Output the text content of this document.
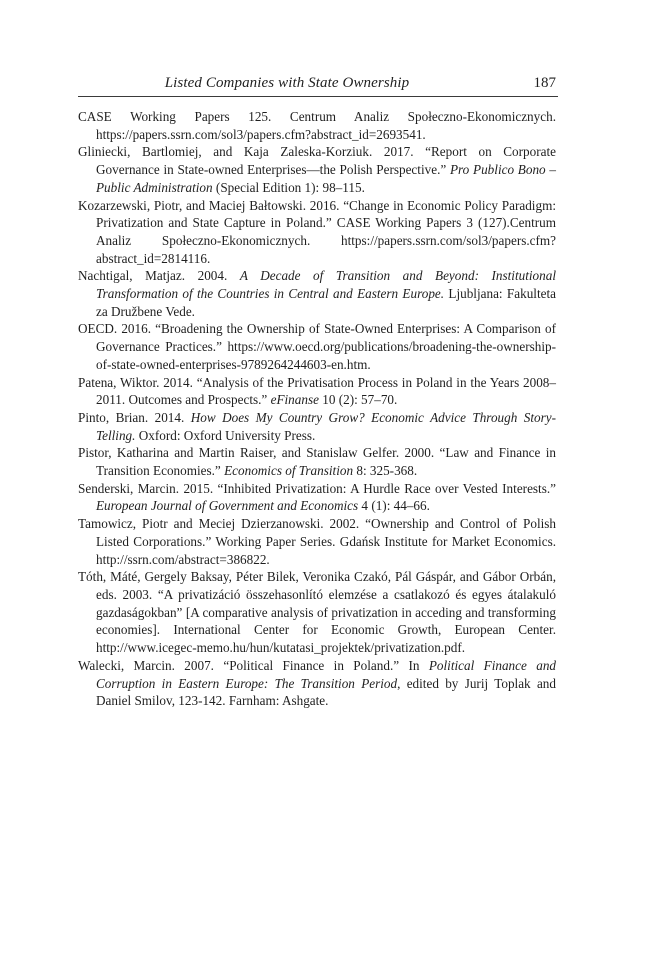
Listed Companies with State Ownership	187

CASE Working Papers 125. Centrum Analiz Społeczno-Ekonomicznych. https://papers.ssrn.com/sol3/papers.cfm?abstract_id=2693541.

Gliniecki, Bartlomiej, and Kaja Zaleska-Korziuk. 2017. “Report on Corporate Governance in State-owned Enterprises—the Polish Perspective.” Pro Publico Bono – Public Administration (Special Edition 1): 98–115.

Kozarzewski, Piotr, and Maciej Bałtowski. 2016. “Change in Economic Policy Paradigm: Privatization and State Capture in Poland.” CASE Working Papers 3 (127).Centrum Analiz Społeczno-Ekonomicznych. https://papers.ssrn.com/sol3/papers.cfm?abstract_id=2814116.

Nachtigal, Matjaz. 2004. A Decade of Transition and Beyond: Institutional Transformation of the Countries in Central and Eastern Europe. Ljubljana: Fakulteta za Družbene Vede.

OECD. 2016. “Broadening the Ownership of State-Owned Enterprises: A Comparison of Governance Practices.” https://www.oecd.org/publications/broadening-the-ownership-of-state-owned-enterprises-9789264244603-en.htm.

Patena, Wiktor. 2014. “Analysis of the Privatisation Process in Poland in the Years 2008–2011. Outcomes and Prospects.” eFinanse 10 (2): 57–70.

Pinto, Brian. 2014. How Does My Country Grow? Economic Advice Through Story-Telling. Oxford: Oxford University Press.

Pistor, Katharina and Martin Raiser, and Stanislaw Gelfer. 2000. “Law and Finance in Transition Economies.” Economics of Transition 8: 325-368.

Senderski, Marcin. 2015. “Inhibited Privatization: A Hurdle Race over Vested Interests.” European Journal of Government and Economics 4 (1): 44–66.

Tamowicz, Piotr and Meciej Dzierzanowski. 2002. “Ownership and Control of Polish Listed Corporations.” Working Paper Series. Gdańsk Institute for Market Economics. http://ssrn.com/abstract=386822.

Tóth, Máté, Gergely Baksay, Péter Bilek, Veronika Czakó, Pál Gáspár, and Gábor Orbán, eds. 2003. “A privatizáció összehasonlító elemzése a csatlakozó és egyes átalakuló gazdaságokban” [A comparative analysis of privatization in acceding and transforming economies]. International Center for Economic Growth, European Center. http://www.icegec-memo.hu/hun/kutatasi_projektek/privatization.pdf.

Walecki, Marcin. 2007. “Political Finance in Poland.” In Political Finance and Corruption in Eastern Europe: The Transition Period, edited by Jurij Toplak and Daniel Smilov, 123-142. Farnham: Ashgate.
